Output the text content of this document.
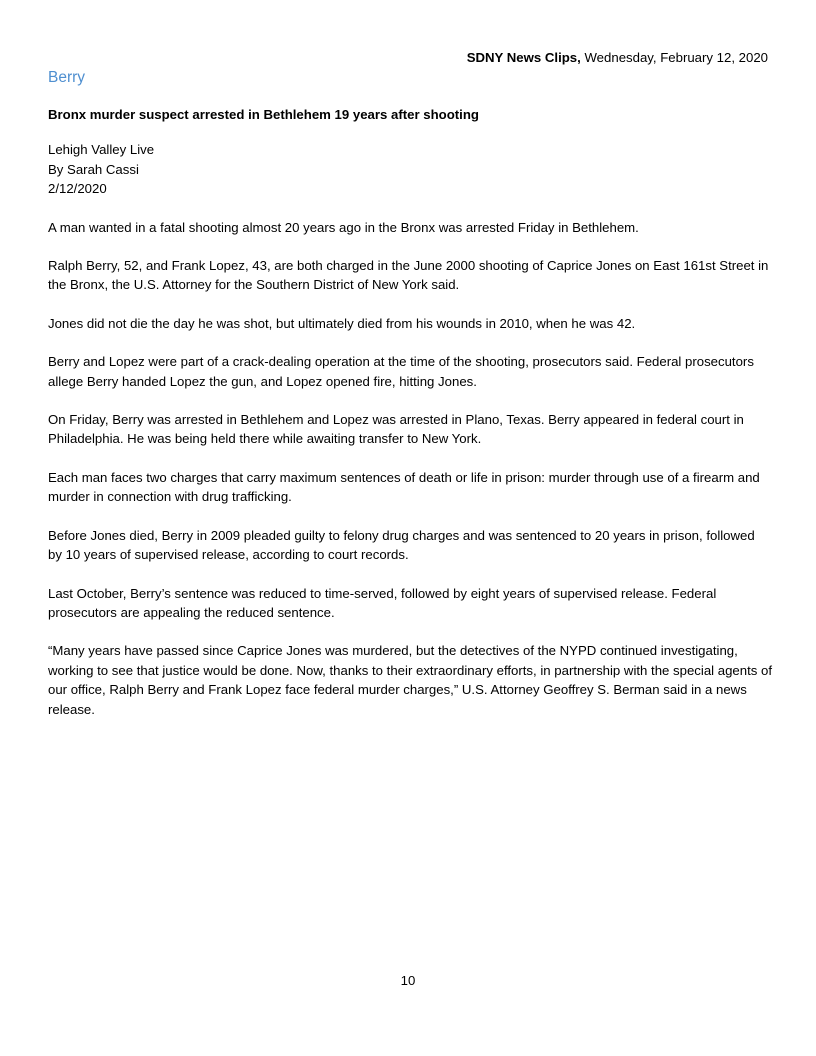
SDNY News Clips, Wednesday, February 12, 2020
Berry
Bronx murder suspect arrested in Bethlehem 19 years after shooting
Lehigh Valley Live
By Sarah Cassi
2/12/2020

A man wanted in a fatal shooting almost 20 years ago in the Bronx was arrested Friday in Bethlehem.

Ralph Berry, 52, and Frank Lopez, 43, are both charged in the June 2000 shooting of Caprice Jones on East 161st Street in the Bronx, the U.S. Attorney for the Southern District of New York said.

Jones did not die the day he was shot, but ultimately died from his wounds in 2010, when he was 42.

Berry and Lopez were part of a crack-dealing operation at the time of the shooting, prosecutors said. Federal prosecutors allege Berry handed Lopez the gun, and Lopez opened fire, hitting Jones.

On Friday, Berry was arrested in Bethlehem and Lopez was arrested in Plano, Texas. Berry appeared in federal court in Philadelphia. He was being held there while awaiting transfer to New York.

Each man faces two charges that carry maximum sentences of death or life in prison: murder through use of a firearm and murder in connection with drug trafficking.

Before Jones died, Berry in 2009 pleaded guilty to felony drug charges and was sentenced to 20 years in prison, followed by 10 years of supervised release, according to court records.

Last October, Berry’s sentence was reduced to time-served, followed by eight years of supervised release. Federal prosecutors are appealing the reduced sentence.

“Many years have passed since Caprice Jones was murdered, but the detectives of the NYPD continued investigating, working to see that justice would be done. Now, thanks to their extraordinary efforts, in partnership with the special agents of our office, Ralph Berry and Frank Lopez face federal murder charges,” U.S. Attorney Geoffrey S. Berman said in a news release.

10
